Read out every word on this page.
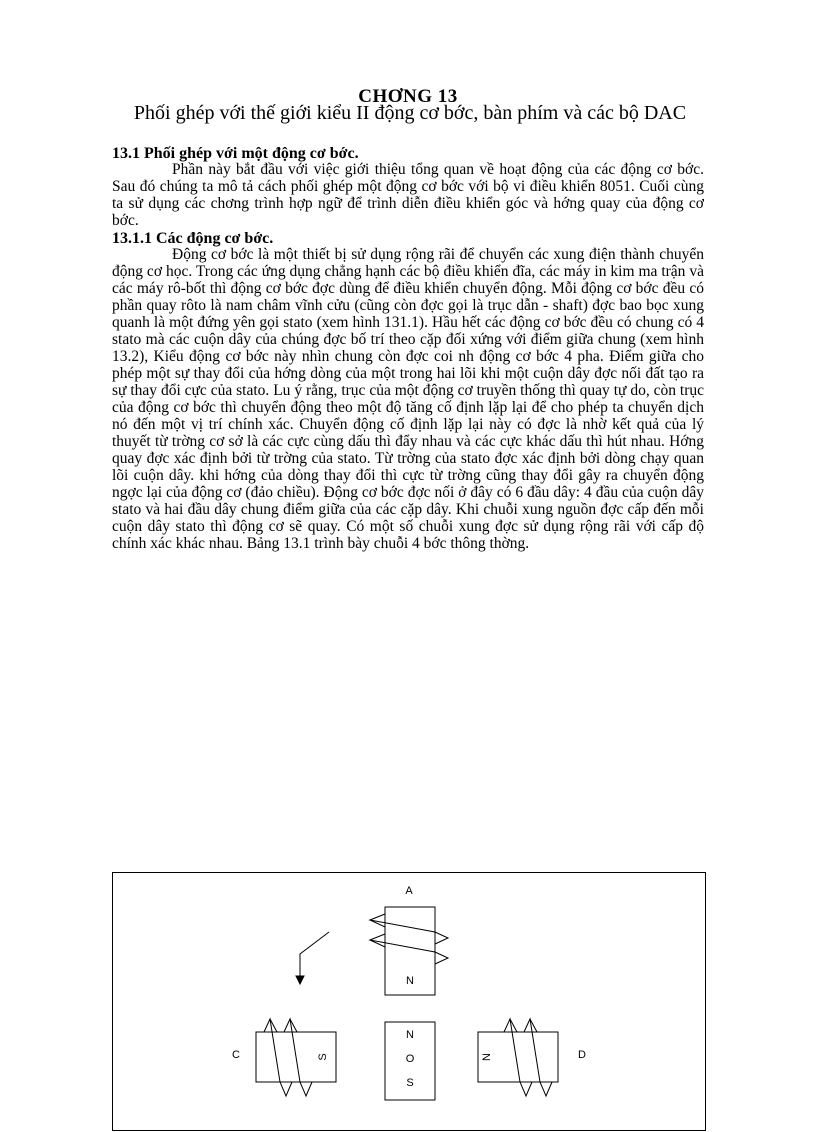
CHƠNG 13
Phối ghép với thế giới kiểu II động cơ bớc, bàn phím và các bộ DAC
13.1 Phối ghép với một động cơ bớc.

Phần này bắt đầu với việc giới thiệu tổng quan về hoạt động của các động cơ bớc. Sau đó chúng ta mô tả cách phối ghép một động cơ bớc với bộ vi điều khiển 8051. Cuối cùng ta sử dụng các chơng trình hợp ngữ để trình diễn điều khiển góc và hớng quay của động cơ bớc.

13.1.1 Các động cơ bớc.

Động cơ bớc là một thiết bị sử dụng rộng rãi để chuyển các xung điện thành chuyển động cơ học. Trong các ứng dụng chẳng hạnh các bộ điều khiển đĩa, các máy in kim ma trận và các máy rô-bốt thì động cơ bớc đợc dùng để điều khiển chuyển động. Mỗi động cơ bớc đều có phần quay rôto là nam châm vĩnh cửu (cũng còn đợc gọi là trục dẫn - shaft) đợc bao bọc xung quanh là một đứng yên gọi stato (xem hình 131.1). Hầu hết các động cơ bớc đều có chung có 4 stato mà các cuộn dây của chúng đợc bố trí theo cặp đối xứng với điểm giữa chung (xem hình 13.2), Kiểu động cơ bớc này nhìn chung còn đợc coi nh động cơ bớc 4 pha. Điểm giữa cho phép một sự thay đổi của hớng dòng của một trong hai lõi khi một cuộn dây đợc nối đất tạo ra sự thay đổi cực của stato. Lu ý rằng, trục của một động cơ truyền thống thì quay tự do, còn trục của động cơ bớc thì chuyển động theo một độ tăng cố định lặp lại để cho phép ta chuyển dịch nó đến một vị trí chính xác. Chuyển động cố định lặp lại này có đợc là nhờ kết quả của lý thuyết từ trờng cơ sở là các cực cùng dấu thì đẩy nhau và các cực khác dấu thì hút nhau. Hớng quay đợc xác định bởi từ trờng của stato. Từ trờng của stato đợc xác định bởi dòng chạy quan lõi cuộn dây. khi hớng của dòng thay đổi thì cực từ trờng cũng thay đổi gây ra chuyển động ngợc lại của động cơ (đảo chiều). Động cơ bớc đợc nối ở đây có 6 đầu dây: 4 đầu của cuộn dây stato và hai đầu dây chung điểm giữa của các cặp dây. Khi chuỗi xung nguồn đợc cấp đến mỗi cuộn dây stato thì động cơ sẽ quay. Có một số chuỗi xung đợc sử dụng rộng rãi với cấp độ chính xác khác nhau. Bảng 13.1 trình bày chuỗi 4 bớc thông thờng.

A
N
C	S
N
O
S
N	D
